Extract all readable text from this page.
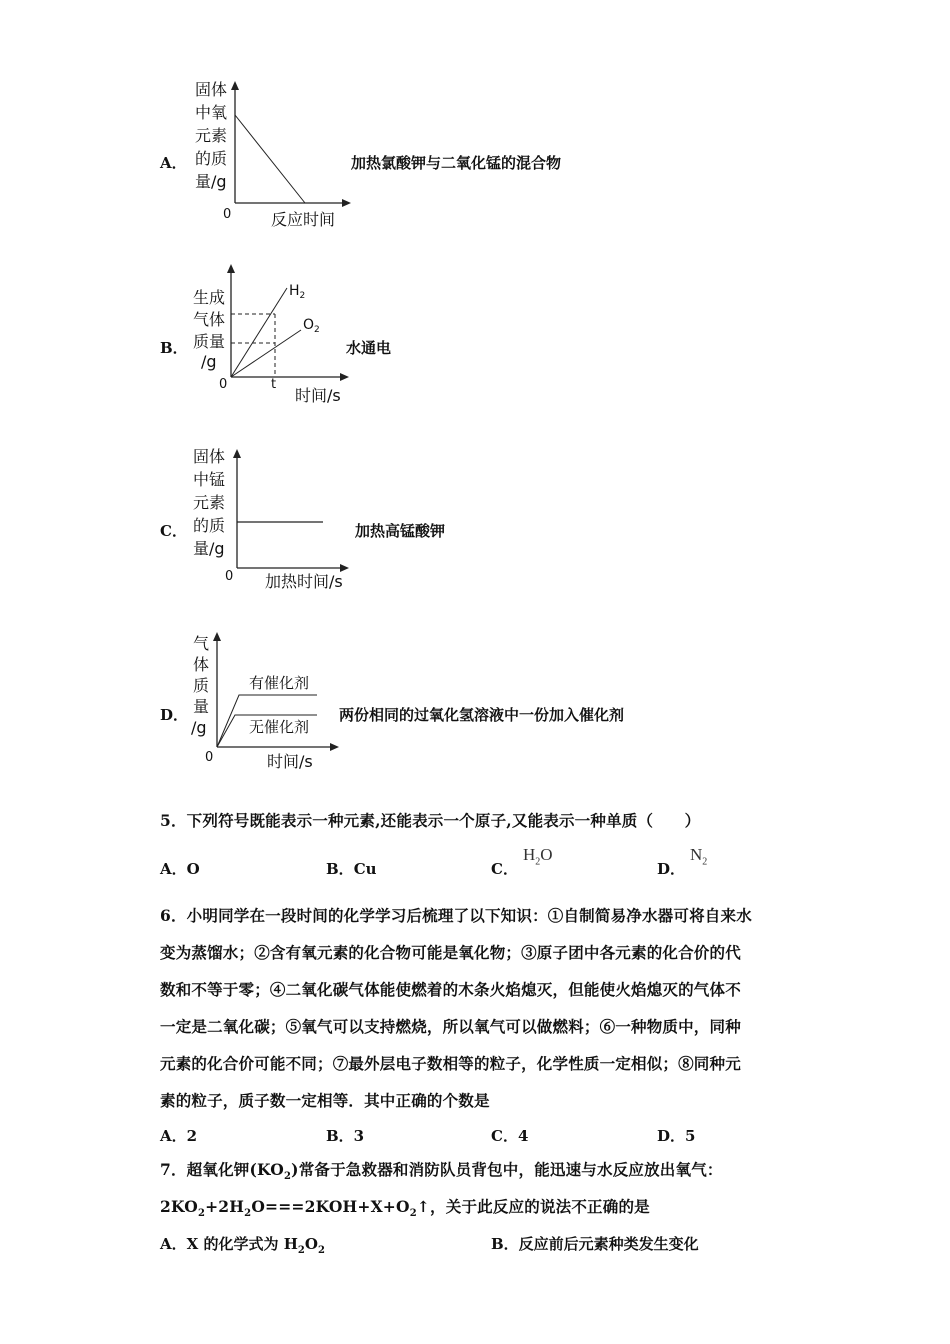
A．
固体
中氧
元素
的质
量/g
0 反应时间
加热氯酸钾与二氧化锰的混合物
B．
生成
气体
质量
/g
$H_2$
$O_2$
0	t
时间/s
水通电
C．
固体
中锰
元素
的质
量/g
0 加热时间/s
加热高锰酸钾
D．
气
体
质
量
/g
有催化剂
无催化剂
0	时间/s
两份相同的过氧化氢溶液中一份加入催化剂
5．下列符号既能表示一种元素,还能表示一个原子,又能表示一种单质（　　）
A．O	B．Cu	C．
$H_2O$
D．
$N_2$
6．小明同学在一段时间的化学学习后梳理了以下知识：①自制简易净水器可将自来水
变为蒸馏水；②含有氧元素的化合物可能是氧化物；③原子团中各元素的化合价的代
数和不等于零；④二氧化碳气体能使燃着的木条火焰熄灭，但能使火焰熄灭的气体不
一定是二氧化碳；⑤氧气可以支持燃烧，所以氧气可以做燃料；⑥一种物质中，同种
元素的化合价可能不同；⑦最外层电子数相等的粒子，化学性质一定相似；⑧同种元
素的粒子，质子数一定相等．其中正确的个数是
A．2	B．3	C．4	D．5
7．超氧化钾$(KO_2)$常备于急救器和消防队员背包中，能迅速与水反应放出氧气：
$2KO_2+2H_2O===2KOH+X+O_2↑$，关于此反应的说法不正确的是
A．X 的化学式为 $H_2O_2$	B．反应前后元素种类发生变化
